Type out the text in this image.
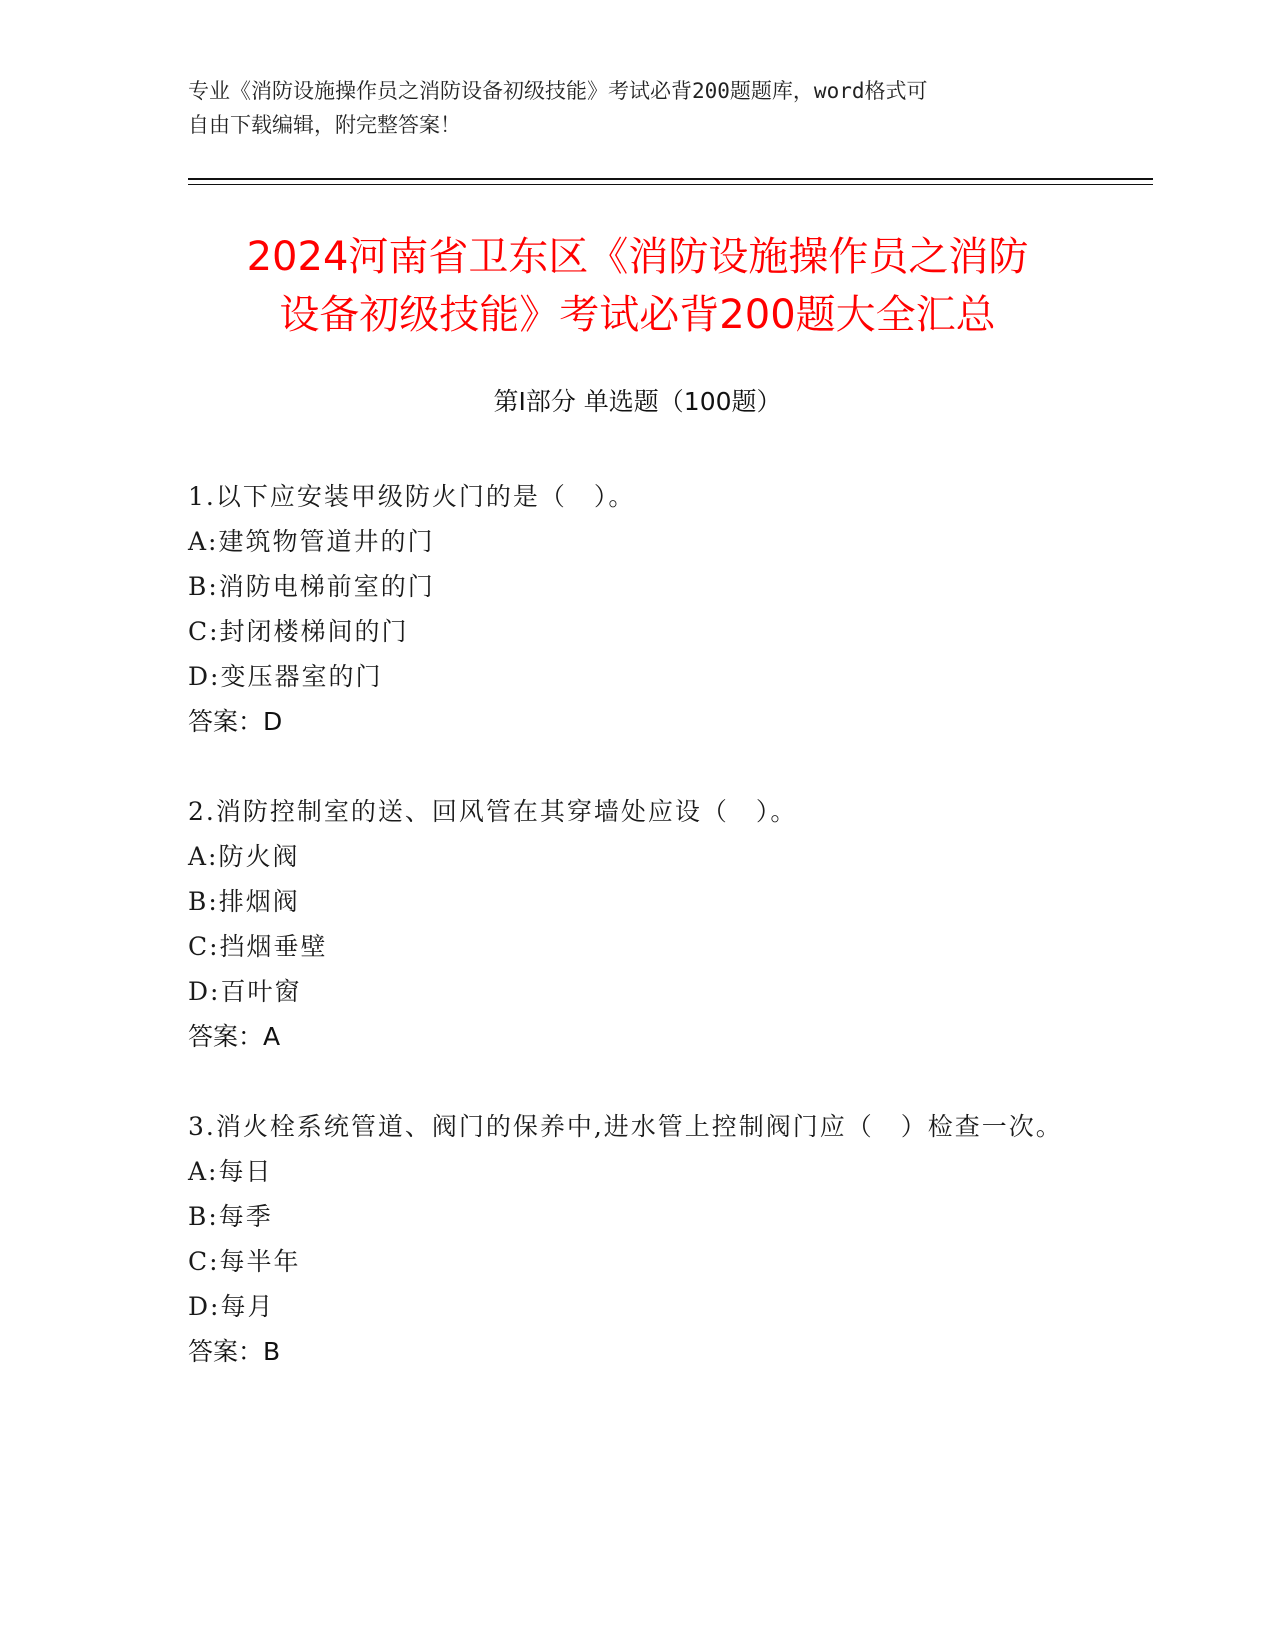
专业《消防设施操作员之消防设备初级技能》考试必背200题题库，word格式可
自由下载编辑，附完整答案！
2024河南省卫东区《消防设施操作员之消防
设备初级技能》考试必背200题大全汇总
第Ⅰ部分 单选题（100题）
1.以下应安装甲级防火门的是（　）。
A:建筑物管道井的门
B:消防电梯前室的门
C:封闭楼梯间的门
D:变压器室的门
答案：D
2.消防控制室的送、回风管在其穿墙处应设（　）。
A:防火阀
B:排烟阀
C:挡烟垂壁
D:百叶窗
答案：A
3.消火栓系统管道、阀门的保养中,进水管上控制阀门应（　）检查一次。
A:每日
B:每季
C:每半年
D:每月
答案：B
